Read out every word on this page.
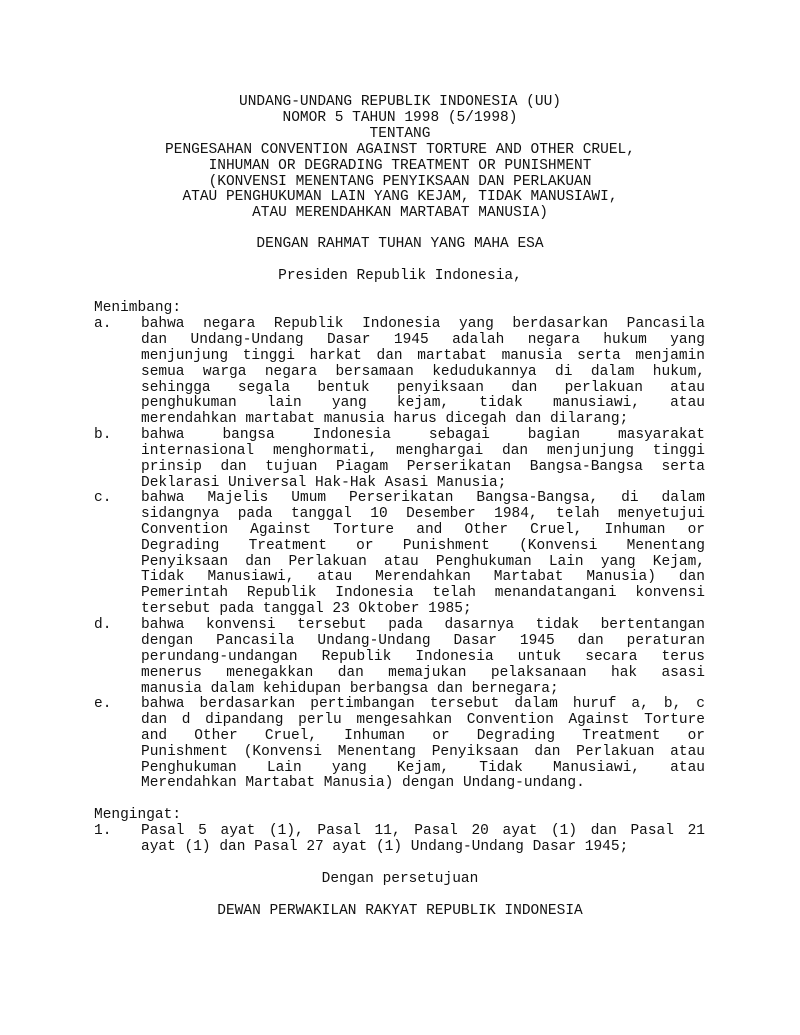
UNDANG-UNDANG REPUBLIK INDONESIA (UU)
NOMOR 5 TAHUN 1998 (5/1998)
TENTANG
PENGESAHAN CONVENTION AGAINST TORTURE AND OTHER CRUEL,
INHUMAN OR DEGRADING TREATMENT OR PUNISHMENT
(KONVENSI MENENTANG PENYIKSAAN DAN PERLAKUAN
ATAU PENGHUKUMAN LAIN YANG KEJAM, TIDAK MANUSIAWI,
ATAU MERENDAHKAN MARTABAT MANUSIA)
DENGAN RAHMAT TUHAN YANG MAHA ESA
Presiden Republik Indonesia,
Menimbang:
a.	bahwa negara Republik Indonesia yang berdasarkan Pancasila
dan Undang-Undang Dasar 1945 adalah negara hukum yang
menjunjung tinggi harkat dan martabat manusia serta menjamin
semua warga negara bersamaan kedudukannya di dalam hukum,
sehingga segala bentuk penyiksaan dan perlakuan atau
penghukuman lain yang kejam, tidak manusiawi, atau
merendahkan martabat manusia harus dicegah dan dilarang;
b.	bahwa bangsa Indonesia sebagai bagian masyarakat
internasional menghormati, menghargai dan menjunjung tinggi
prinsip dan tujuan Piagam Perserikatan Bangsa-Bangsa serta
Deklarasi Universal Hak-Hak Asasi Manusia;
c.	bahwa Majelis Umum Perserikatan Bangsa-Bangsa, di dalam
sidangnya pada tanggal 10 Desember 1984, telah menyetujui
Convention Against Torture and Other Cruel, Inhuman or
Degrading Treatment or Punishment (Konvensi Menentang
Penyiksaan dan Perlakuan atau Penghukuman Lain yang Kejam,
Tidak Manusiawi, atau Merendahkan Martabat Manusia) dan
Pemerintah Republik Indonesia telah menandatangani konvensi
tersebut pada tanggal 23 Oktober 1985;
d.	bahwa konvensi tersebut pada dasarnya tidak bertentangan
dengan Pancasila Undang-Undang Dasar 1945 dan peraturan
perundang-undangan Republik Indonesia untuk secara terus
menerus menegakkan dan memajukan pelaksanaan hak asasi
manusia dalam kehidupan berbangsa dan bernegara;
e.	bahwa berdasarkan pertimbangan tersebut dalam huruf a, b, c
dan d dipandang perlu mengesahkan Convention Against Torture
and Other Cruel, Inhuman or Degrading Treatment or
Punishment (Konvensi Menentang Penyiksaan dan Perlakuan atau
Penghukuman Lain yang Kejam, Tidak Manusiawi, atau
Merendahkan Martabat Manusia) dengan Undang-undang.
Mengingat:
1.	Pasal 5 ayat (1), Pasal 11, Pasal 20 ayat (1) dan Pasal 21
ayat (1) dan Pasal 27 ayat (1) Undang-Undang Dasar 1945;
Dengan persetujuan
DEWAN PERWAKILAN RAKYAT REPUBLIK INDONESIA
